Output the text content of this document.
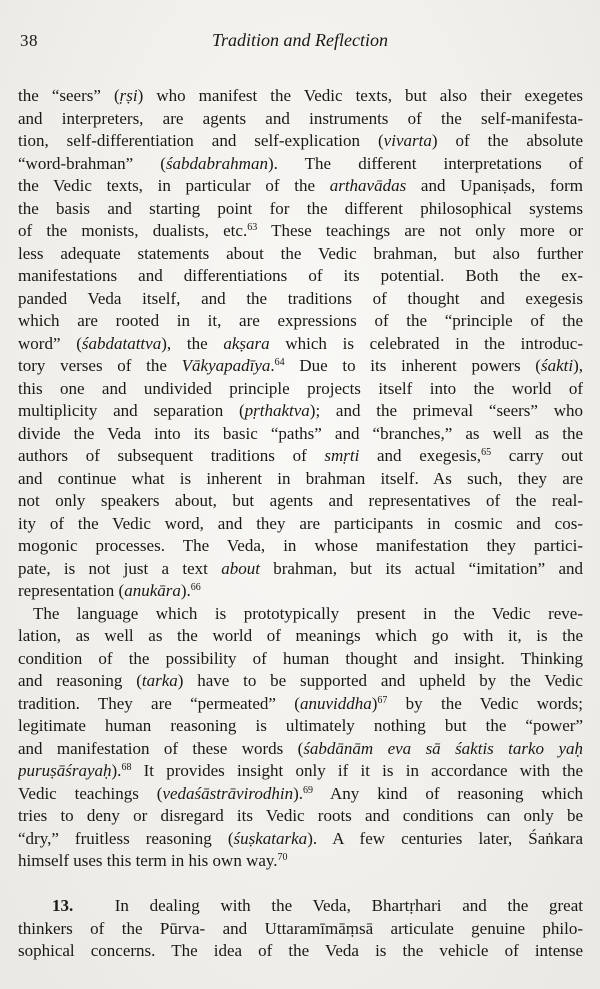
38	Tradition and Reflection
the “seers” (ṛṣi) who manifest the Vedic texts, but also their exegetes
and interpreters, are agents and instruments of the self-manifesta-
tion, self-differentiation and self-explication (vivarta) of the absolute
“word-brahman” (śabdabrahman). The different interpretations of
the Vedic texts, in particular of the arthavādas and Upaniṣads, form
the basis and starting point for the different philosophical systems
of the monists, dualists, etc.$^{63}$ These teachings are not only more or
less adequate statements about the Vedic brahman, but also further
manifestations and differentiations of its potential. Both the ex-
panded Veda itself, and the traditions of thought and exegesis
which are rooted in it, are expressions of the “principle of the
word” (śabdatattva), the akṣara which is celebrated in the introduc-
tory verses of the Vākyapadīya.$^{64}$ Due to its inherent powers (śakti),
this one and undivided principle projects itself into the world of
multiplicity and separation (pṛthaktva); and the primeval “seers” who
divide the Veda into its basic “paths” and “branches,” as well as the
authors of subsequent traditions of smṛti and exegesis,$^{65}$ carry out
and continue what is inherent in brahman itself. As such, they are
not only speakers about, but agents and representatives of the real-
ity of the Vedic word, and they are participants in cosmic and cos-
mogonic processes. The Veda, in whose manifestation they partici-
pate, is not just a text about brahman, but its actual “imitation” and
representation (anukāra).$^{66}$
The language which is prototypically present in the Vedic reve-
lation, as well as the world of meanings which go with it, is the
condition of the possibility of human thought and insight. Thinking
and reasoning (tarka) have to be supported and upheld by the Vedic
tradition. They are “permeated” (anuviddha)$^{67}$ by the Vedic words;
legitimate human reasoning is ultimately nothing but the “power”
and manifestation of these words (śabdānām eva sā śaktis tarko yaḥ
puruṣāśrayaḥ).$^{68}$ It provides insight only if it is in accordance with the
Vedic teachings (vedaśāstrāvirodhin).$^{69}$ Any kind of reasoning which
tries to deny or disregard its Vedic roots and conditions can only be
“dry,” fruitless reasoning (śuṣkatarka). A few centuries later, Śaṅkara
himself uses this term in his own way.$^{70}$
13.  In dealing with the Veda, Bhartṛhari and the great
thinkers of the Pūrva- and Uttaramīmāṃsā articulate genuine philo-
sophical concerns. The idea of the Veda is the vehicle of intense
